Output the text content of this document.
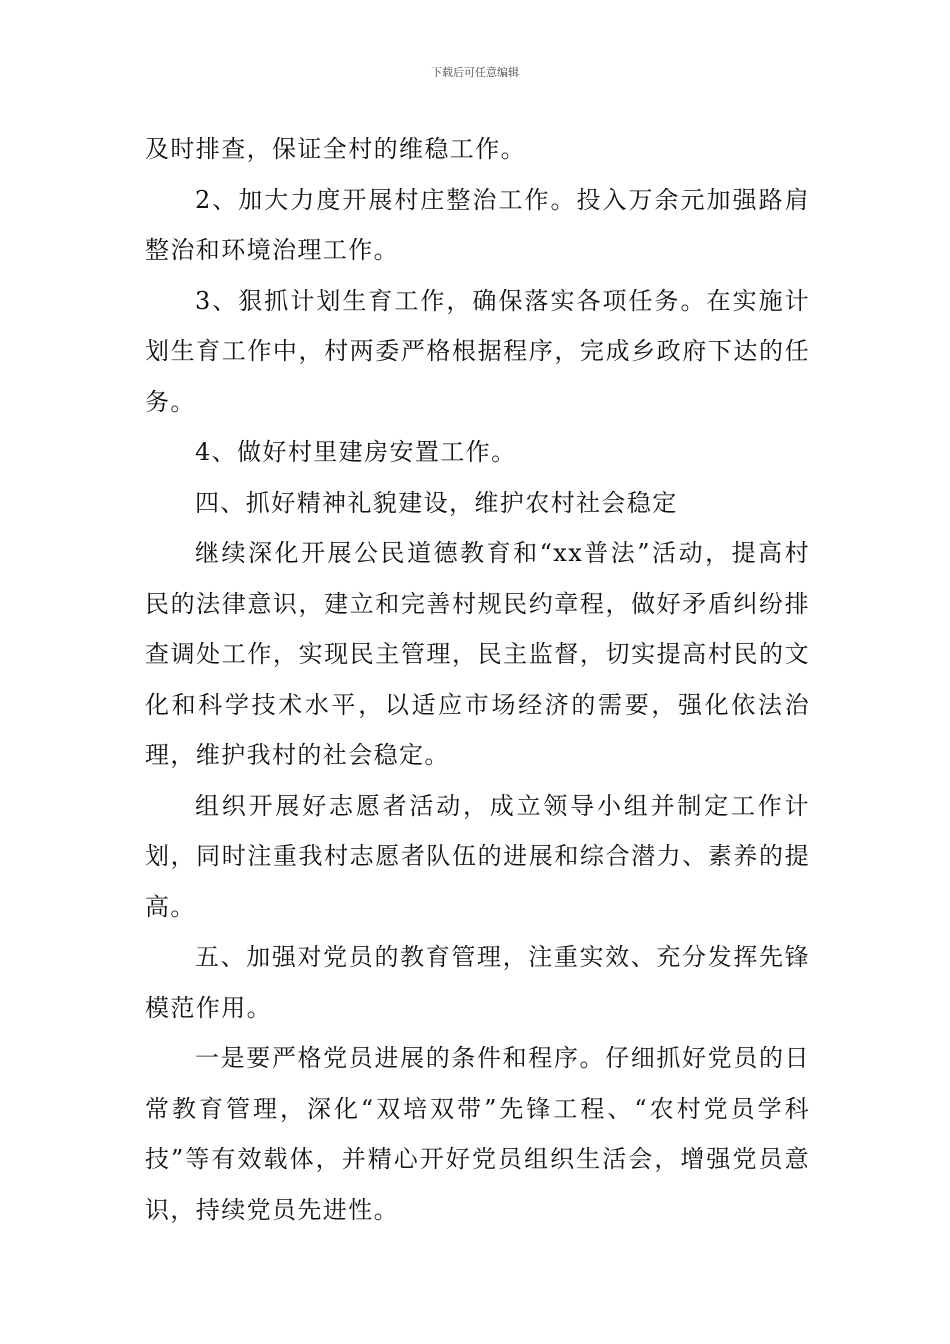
下载后可任意编辑

及时排查，保证全村的维稳工作。

2、加大力度开展村庄整治工作。投入万余元加强路肩整治和环境治理工作。

3、狠抓计划生育工作，确保落实各项任务。在实施计划生育工作中，村两委严格根据程序，完成乡政府下达的任务。

4、做好村里建房安置工作。

四、抓好精神礼貌建设，维护农村社会稳定

继续深化开展公民道德教育和“xx普法”活动，提高村民的法律意识，建立和完善村规民约章程，做好矛盾纠纷排查调处工作，实现民主管理，民主监督，切实提高村民的文化和科学技术水平，以适应市场经济的需要，强化依法治理，维护我村的社会稳定。

组织开展好志愿者活动，成立领导小组并制定工作计划，同时注重我村志愿者队伍的进展和综合潜力、素养的提高。

五、加强对党员的教育管理，注重实效、充分发挥先锋模范作用。

一是要严格党员进展的条件和程序。仔细抓好党员的日常教育管理，深化“双培双带”先锋工程、“农村党员学科技”等有效载体，并精心开好党员组织生活会，增强党员意识，持续党员先进性。
